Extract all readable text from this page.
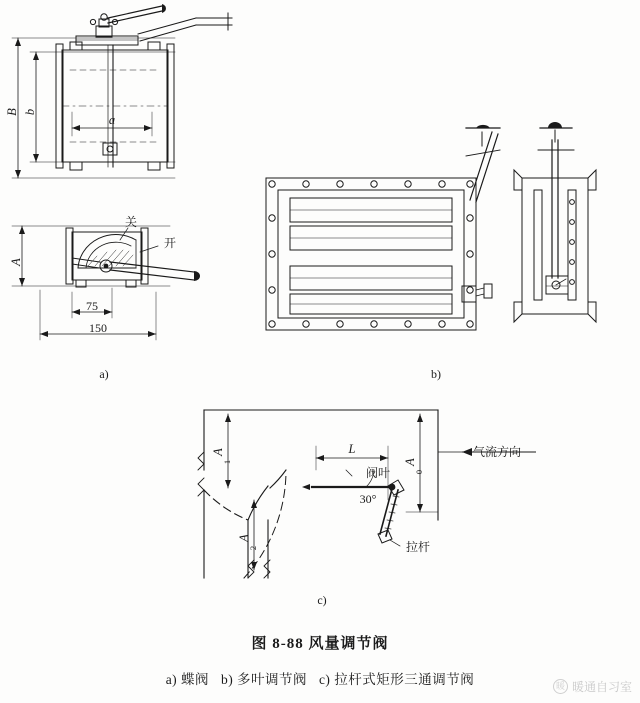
B b
a
A
75
150
关
开
a)	b)
A
1
A
2
A
0
L
阀叶
30°
气流方向
拉杆
c)
图 8-88 风量调节阀
a) 蝶阀 b) 多叶调节阀 c) 拉杆式矩形三通调节阀	暖 暖通自习室
